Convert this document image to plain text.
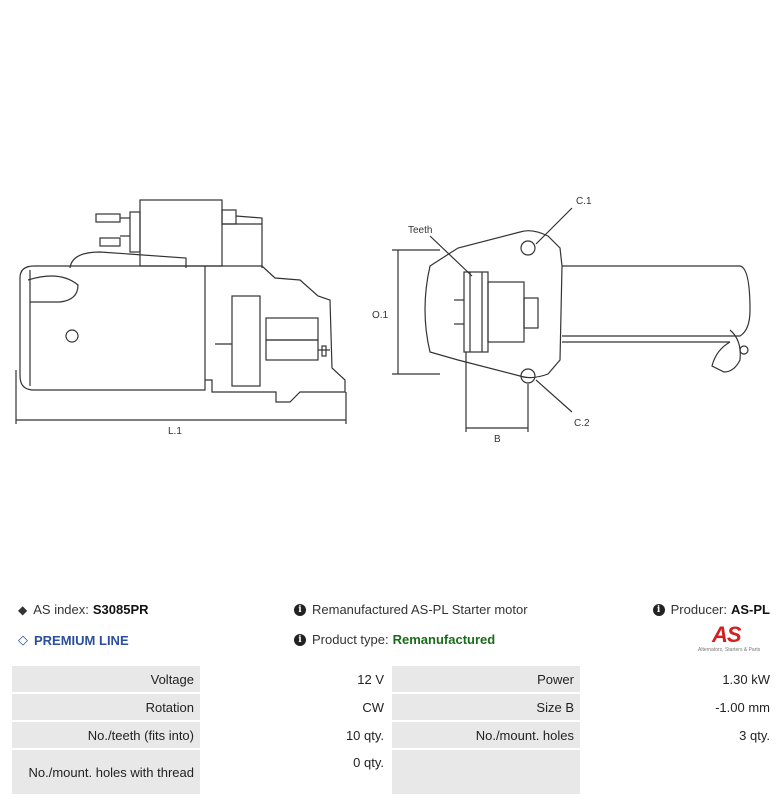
L.1
O.1
B
C.1
C.2
Teeth
◆ AS index: S3085PR	i Remanufactured AS-PL Starter motor	i Producer: AS-PL
◇ PREMIUM LINE	i Product type: Remanufactured	AS
Alternators, Starters & Parts
Voltage	12 V	Power	1.30 kW
Rotation	CW	Size B	-1.00 mm
No./teeth (fits into)	10 qty.	No./mount. holes	3 qty.
No./mount. holes with thread	0 qty.		
